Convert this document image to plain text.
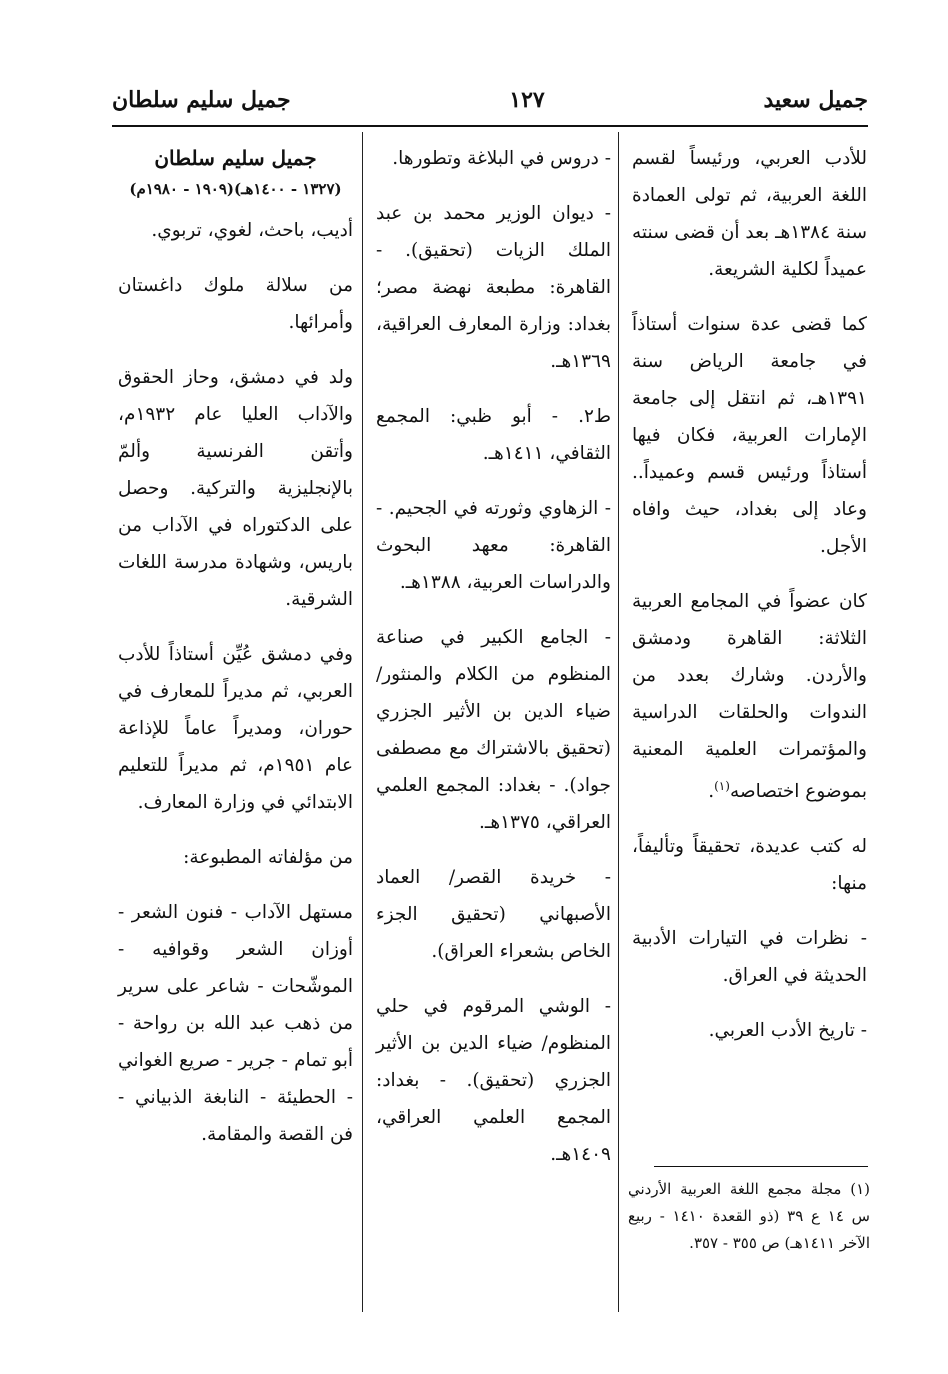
جميل سعيد
١٢٧
جميل سليم سلطان

للأدب العربي، ورئيساً لقسم اللغة العربية، ثم تولى العمادة سنة ١٣٨٤هـ بعد أن قضى سنته عميداً لكلية الشريعة.

كما قضى عدة سنوات أستاذاً في جامعة الرياض سنة ١٣٩١هـ، ثم انتقل إلى جامعة الإمارات العربية، فكان فيها أستاذاً ورئيس قسم وعميداً.. وعاد إلى بغداد، حيث وافاه الأجل.

كان عضواً في المجامع العربية الثلاثة: القاهرة ودمشق والأردن. وشارك بعدد من الندوات والحلقات الدراسية والمؤتمرات العلمية المعنية بموضوع اختصاصه$^{(١)}$.

له كتب عديدة، تحقيقاً وتأليفاً، منها:

- نظرات في التيارات الأدبية الحديثة في العراق.

- تاريخ الأدب العربي.

(١) مجلة مجمع اللغة العربية الأردني س ١٤ ع ٣٩ (ذو القعدة ١٤١٠ - ربيع الآخر ١٤١١هـ) ص ٣٥٥ - ٣٥٧.

- دروس في البلاغة وتطورها.

- ديوان الوزير محمد بن عبد الملك الزيات (تحقيق). - القاهرة: مطبعة نهضة مصر؛ بغداد: وزارة المعارف العراقية، ١٣٦٩هـ.

ط٢. - أبو ظبي: المجمع الثقافي، ١٤١١هـ.

- الزهاوي وثورته في الجحيم. - القاهرة: معهد البحوث والدراسات العربية، ١٣٨٨هـ.

- الجامع الكبير في صناعة المنظوم من الكلام والمنثور/ ضياء الدين بن الأثير الجزري (تحقيق بالاشتراك مع مصطفى جواد). - بغداد: المجمع العلمي العراقي، ١٣٧٥هـ.

- خريدة القصر/ العماد الأصبهاني (تحقيق الجزء الخاص بشعراء العراق).

- الوشي المرقوم في حلي المنظوم/ ضياء الدين بن الأثير الجزري (تحقيق). - بغداد: المجمع العلمي العراقي، ١٤٠٩هـ.

جميل سليم سلطان

(١٣٢٧ - ١٤٠٠هـ)(١٩٠٩ - ١٩٨٠م)

أديب، باحث، لغوي، تربوي.

من سلالة ملوك داغستان وأمرائها.

ولد في دمشق، وحاز الحقوق والآداب العليا عام ١٩٣٢م، وأتقن الفرنسية وألمّ بالإنجليزية والتركية. وحصل على الدكتوراه في الآداب من باريس، وشهادة مدرسة اللغات الشرقية.

وفي دمشق عُيِّن أستاذاً للأدب العربي، ثم مديراً للمعارف في حوران، ومديراً عاماً للإذاعة عام ١٩٥١م، ثم مديراً للتعليم الابتدائي في وزارة المعارف.

من مؤلفاته المطبوعة:

مستهل الآداب - فنون الشعر - أوزان الشعر وقوافيه - الموشّحات - شاعر على سرير من ذهب عبد الله بن رواحة - أبو تمام - جرير - صريع الغواني - الحطيئة - النابغة الذبياني - فن القصة والمقامة.
